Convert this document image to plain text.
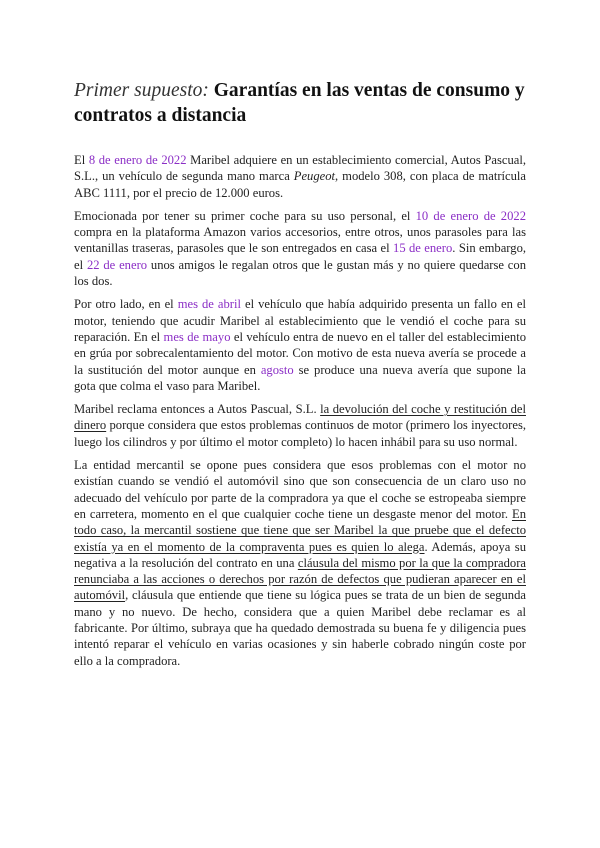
Primer supuesto: Garantías en las ventas de consumo y contratos a distancia

El 8 de enero de 2022 Maribel adquiere en un establecimiento comercial, Autos Pascual, S.L., un vehículo de segunda mano marca Peugeot, modelo 308, con placa de matrícula ABC 1111, por el precio de 12.000 euros.

Emocionada por tener su primer coche para su uso personal, el 10 de enero de 2022 compra en la plataforma Amazon varios accesorios, entre otros, unos parasoles para las ventanillas traseras, parasoles que le son entregados en casa el 15 de enero. Sin embargo, el 22 de enero unos amigos le regalan otros que le gustan más y no quiere quedarse con los dos.

Por otro lado, en el mes de abril el vehículo que había adquirido presenta un fallo en el motor, teniendo que acudir Maribel al establecimiento que le vendió el coche para su reparación. En el mes de mayo el vehículo entra de nuevo en el taller del establecimiento en grúa por sobrecalentamiento del motor. Con motivo de esta nueva avería se procede a la sustitución del motor aunque en agosto se produce una nueva avería que supone la gota que colma el vaso para Maribel.

Maribel reclama entonces a Autos Pascual, S.L. la devolución del coche y restitución del dinero porque considera que estos problemas continuos de motor (primero los inyectores, luego los cilindros y por último el motor completo) lo hacen inhábil para su uso normal.

La entidad mercantil se opone pues considera que esos problemas con el motor no existían cuando se vendió el automóvil sino que son consecuencia de un claro uso no adecuado del vehículo por parte de la compradora ya que el coche se estropeaba siempre en carretera, momento en el que cualquier coche tiene un desgaste menor del motor. En todo caso, la mercantil sostiene que tiene que ser Maribel la que pruebe que el defecto existía ya en el momento de la compraventa pues es quien lo alega. Además, apoya su negativa a la resolución del contrato en una cláusula del mismo por la que la compradora renunciaba a las acciones o derechos por razón de defectos que pudieran aparecer en el automóvil, cláusula que entiende que tiene su lógica pues se trata de un bien de segunda mano y no nuevo. De hecho, considera que a quien Maribel debe reclamar es al fabricante. Por último, subraya que ha quedado demostrada su buena fe y diligencia pues intentó reparar el vehículo en varias ocasiones y sin haberle cobrado ningún coste por ello a la compradora.
